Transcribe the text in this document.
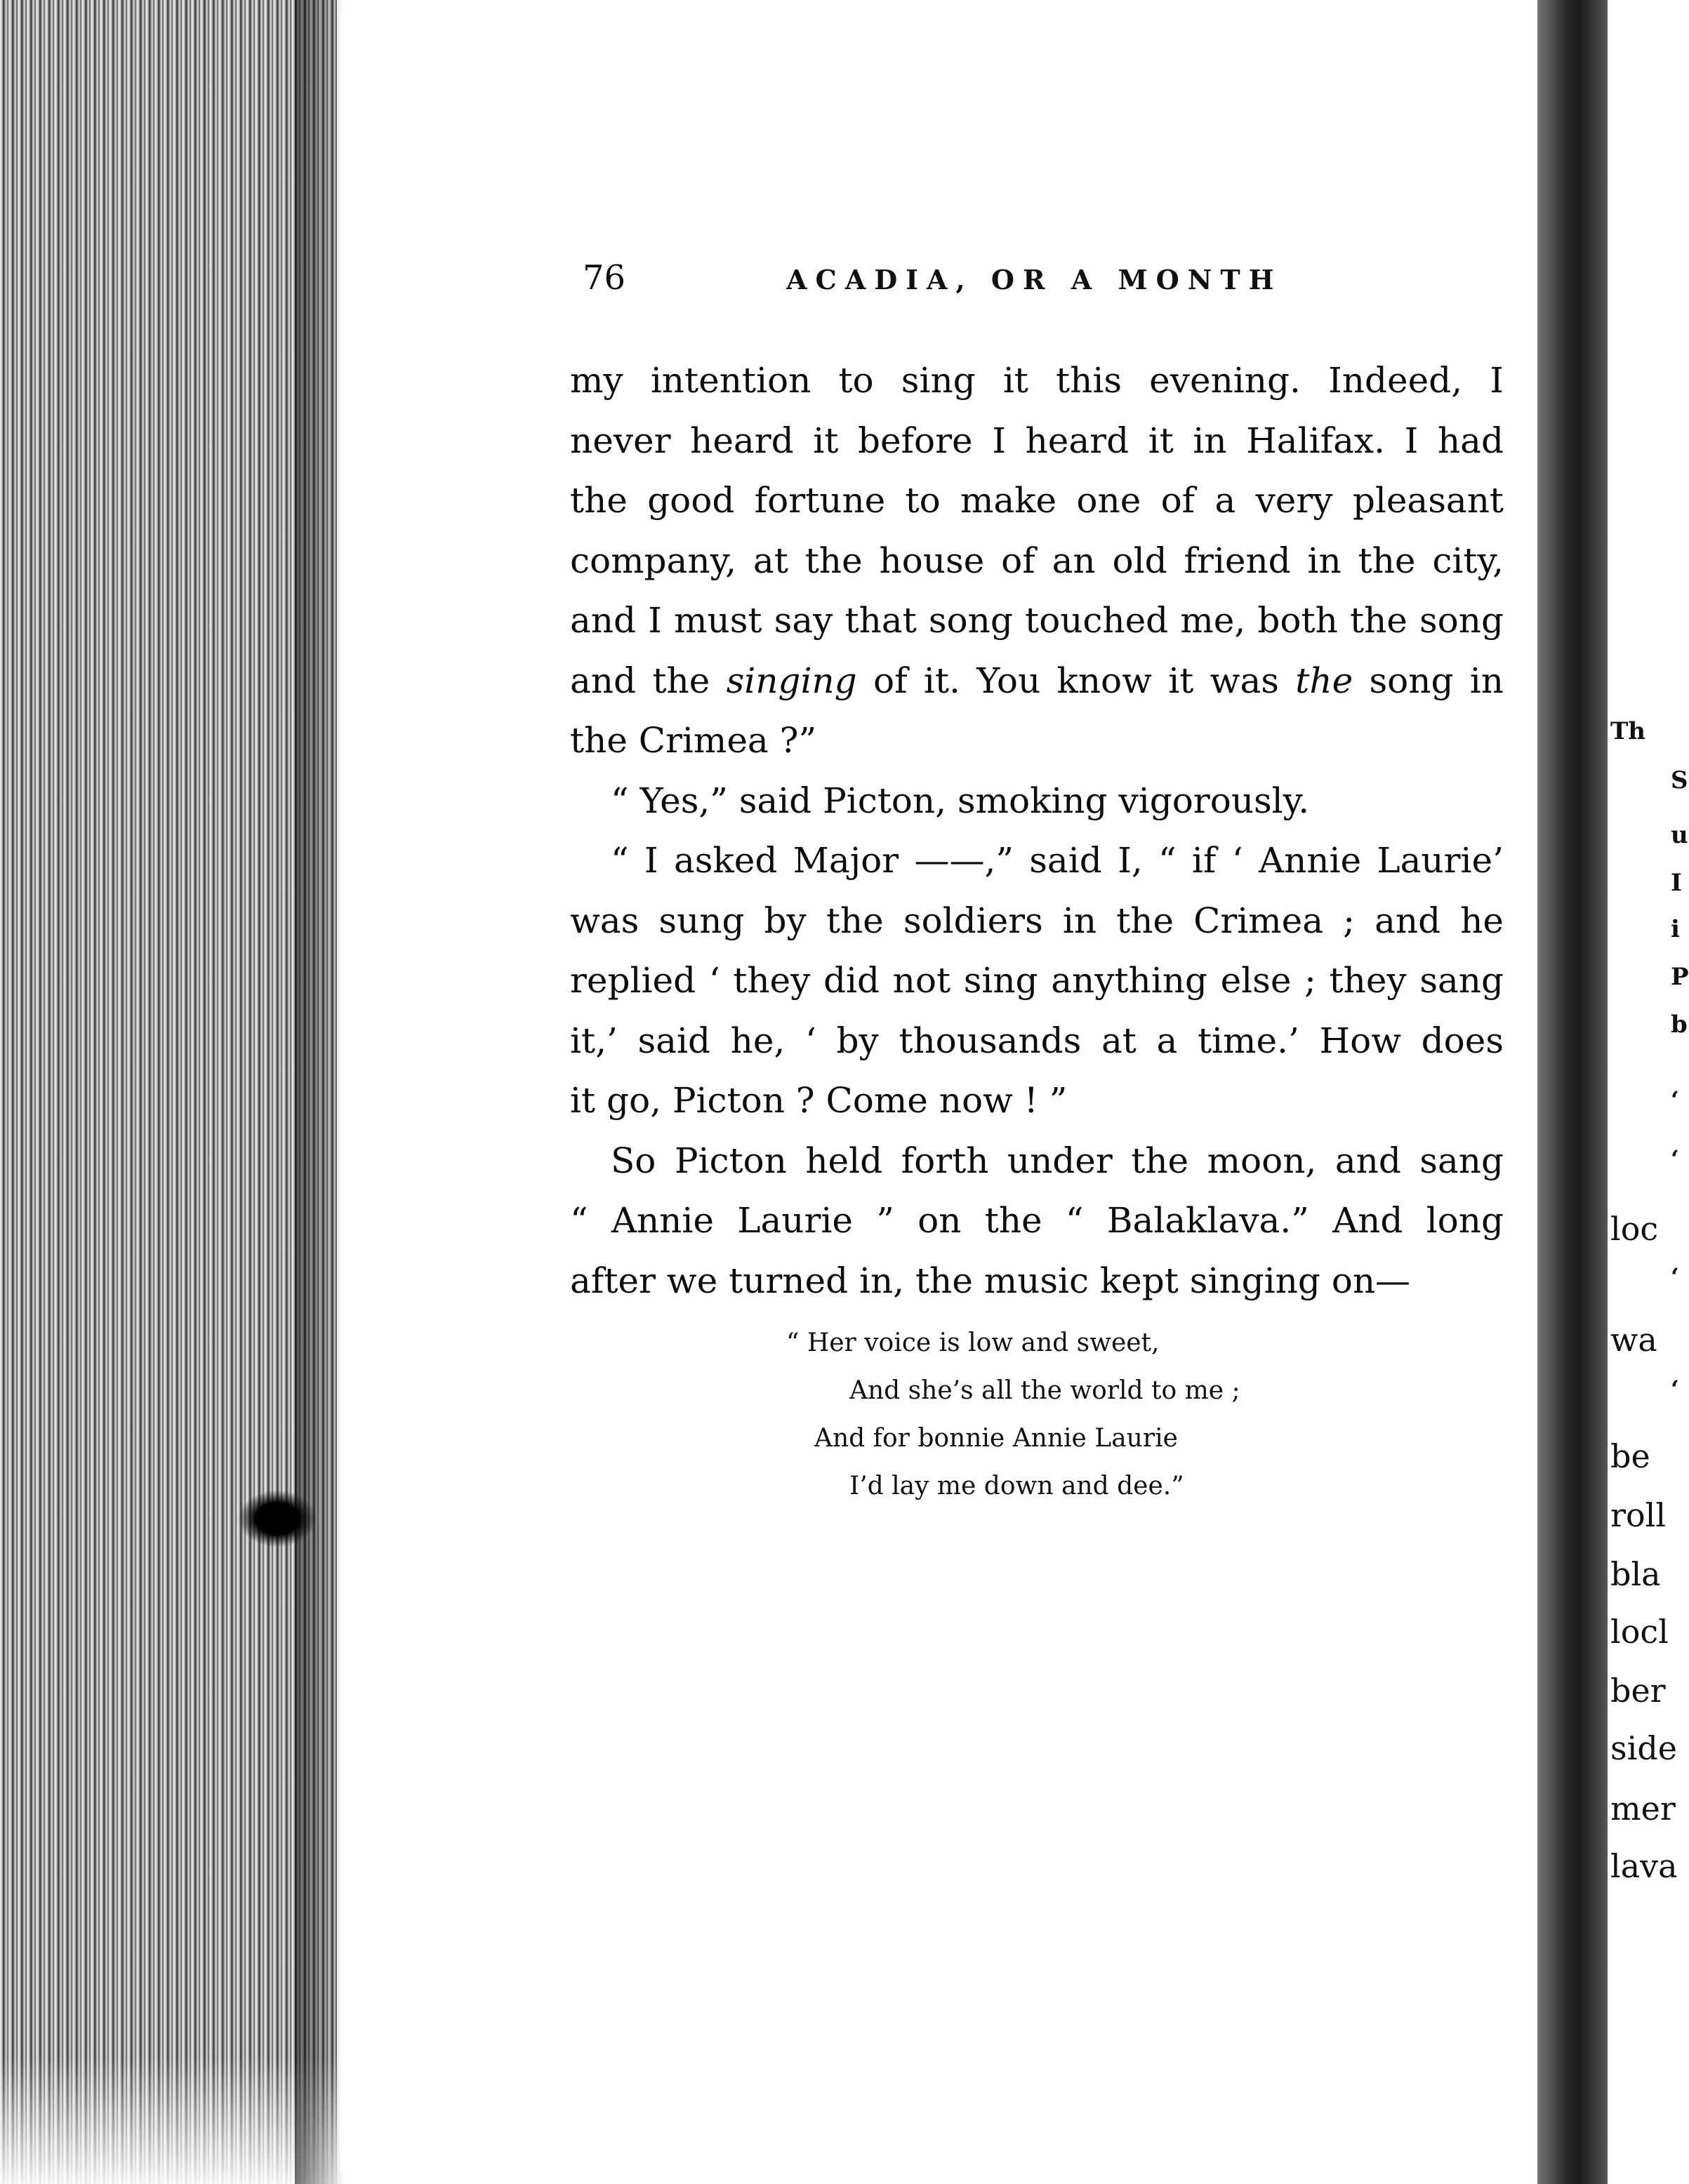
76	ACADIA, OR A MONTH
my intention to sing it this evening. Indeed, I
never heard it before I heard it in Halifax. I had
the good fortune to make one of a very pleasant
company, at the house of an old friend in the city,
and I must say that song touched me, both the song
and the singing of it. You know it was the song in
the Crimea ?”
“ Yes,” said Picton, smoking vigorously.
“ I asked Major ——,” said I, “ if ‘ Annie Laurie’
was sung by the soldiers in the Crimea ; and he
replied ‘ they did not sing anything else ; they sang
it,’ said he, ‘ by thousands at a time.’ How does
it go, Picton ? Come now ! ”
So Picton held forth under the moon, and sang
“ Annie Laurie ” on the “ Balaklava.” And long
after we turned in, the music kept singing on—
“ Her voice is low and sweet,
And she’s all the world to me ;
And for bonnie Annie Laurie
I’d lay me down and dee.”
Th
S
u
I
i
P
b
‘
‘
loc
‘
wa
‘
be
roll
bla
locl
ber
side
mer
lava
